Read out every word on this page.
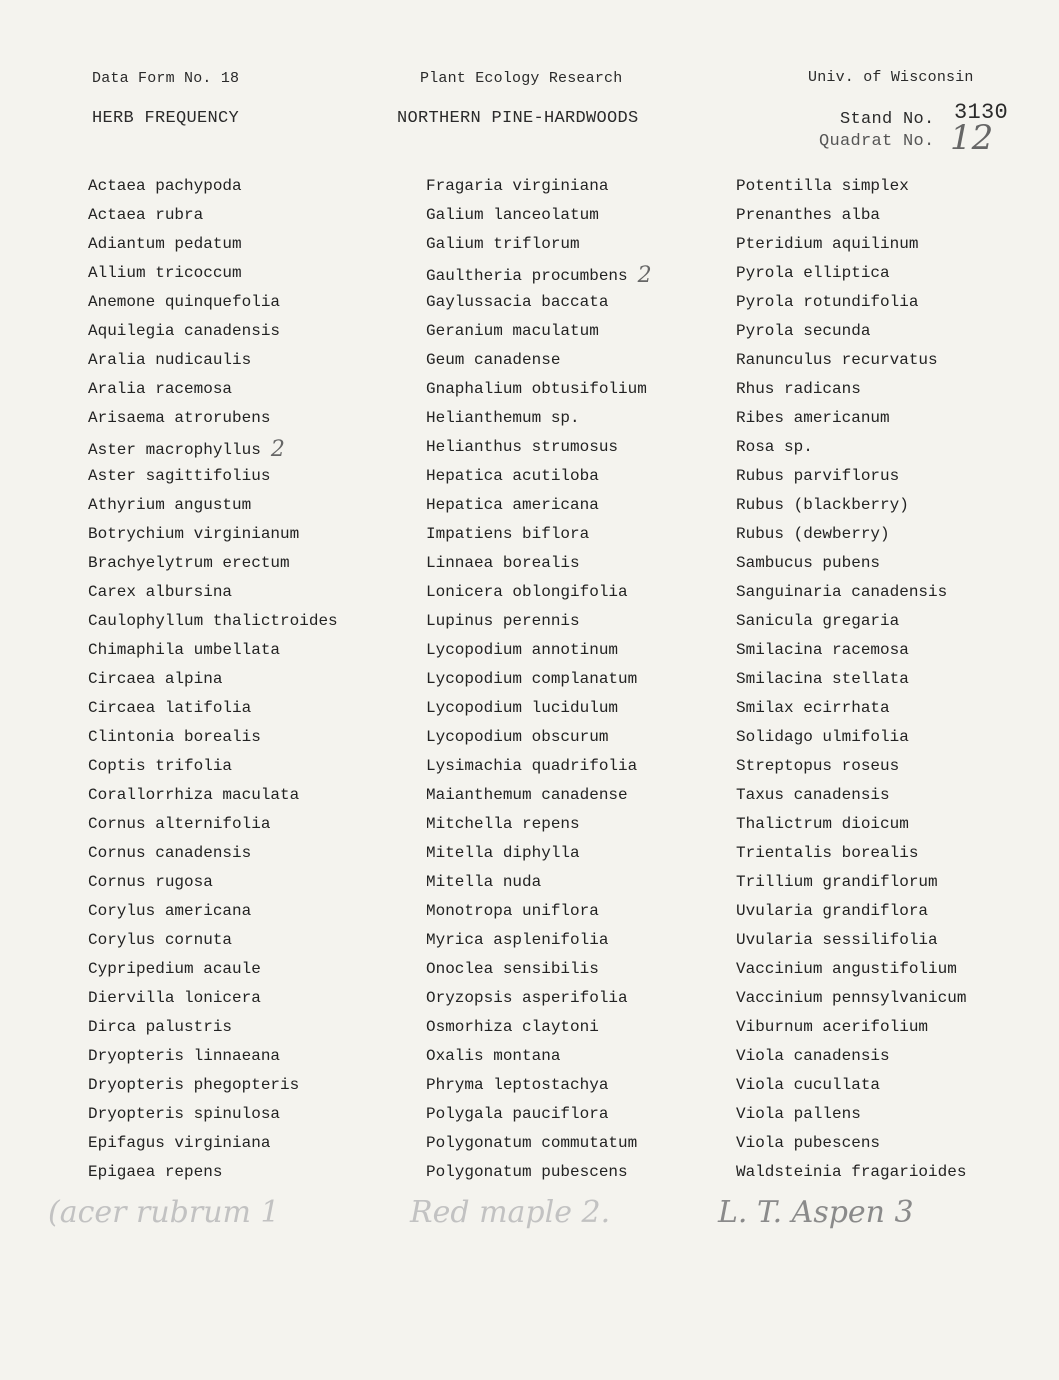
Data Form No. 18	Plant Ecology Research	Univ. of Wisconsin
HERB FREQUENCY	NORTHERN PINE-HARDWOODS	Stand No. 3130
Quadrat No. 12
Actaea pachypoda
Actaea rubra
Adiantum pedatum
Allium tricoccum
Anemone quinquefolia
Aquilegia canadensis
Aralia nudicaulis
Aralia racemosa
Arisaema atrorubens
Aster macrophyllus 2
Aster sagittifolius
Athyrium angustum
Botrychium virginianum
Brachyelytrum erectum
Carex albursina
Caulophyllum thalictroides
Chimaphila umbellata
Circaea alpina
Circaea latifolia
Clintonia borealis
Coptis trifolia
Corallorrhiza maculata
Cornus alternifolia
Cornus canadensis
Cornus rugosa
Corylus americana
Corylus cornuta
Cypripedium acaule
Diervilla lonicera
Dirca palustris
Dryopteris linnaeana
Dryopteris phegopteris
Dryopteris spinulosa
Epifagus virginiana
Epigaea repens
Fragaria virginiana
Galium lanceolatum
Galium triflorum
Gaultheria procumbens 2
Gaylussacia baccata
Geranium maculatum
Geum canadense
Gnaphalium obtusifolium
Helianthemum sp.
Helianthus strumosus
Hepatica acutiloba
Hepatica americana
Impatiens biflora
Linnaea borealis
Lonicera oblongifolia
Lupinus perennis
Lycopodium annotinum
Lycopodium complanatum
Lycopodium lucidulum
Lycopodium obscurum
Lysimachia quadrifolia
Maianthemum canadense
Mitchella repens
Mitella diphylla
Mitella nuda
Monotropa uniflora
Myrica asplenifolia
Onoclea sensibilis
Oryzopsis asperifolia
Osmorhiza claytoni
Oxalis montana
Phryma leptostachya
Polygala pauciflora
Polygonatum commutatum
Polygonatum pubescens
Potentilla simplex
Prenanthes alba
Pteridium aquilinum
Pyrola elliptica
Pyrola rotundifolia
Pyrola secunda
Ranunculus recurvatus
Rhus radicans
Ribes americanum
Rosa sp.
Rubus parviflorus
Rubus (blackberry)
Rubus (dewberry)
Sambucus pubens
Sanguinaria canadensis
Sanicula gregaria
Smilacina racemosa
Smilacina stellata
Smilax ecirrhata
Solidago ulmifolia
Streptopus roseus
Taxus canadensis
Thalictrum dioicum
Trientalis borealis
Trillium grandiflorum
Uvularia grandiflora
Uvularia sessilifolia
Vaccinium angustifolium
Vaccinium pennsylvanicum
Viburnum acerifolium
Viola canadensis
Viola cucullata
Viola pallens
Viola pubescens
Waldsteinia fragarioides
(acer rubrum 1	Red maple 2.	L. T. Aspen 3
